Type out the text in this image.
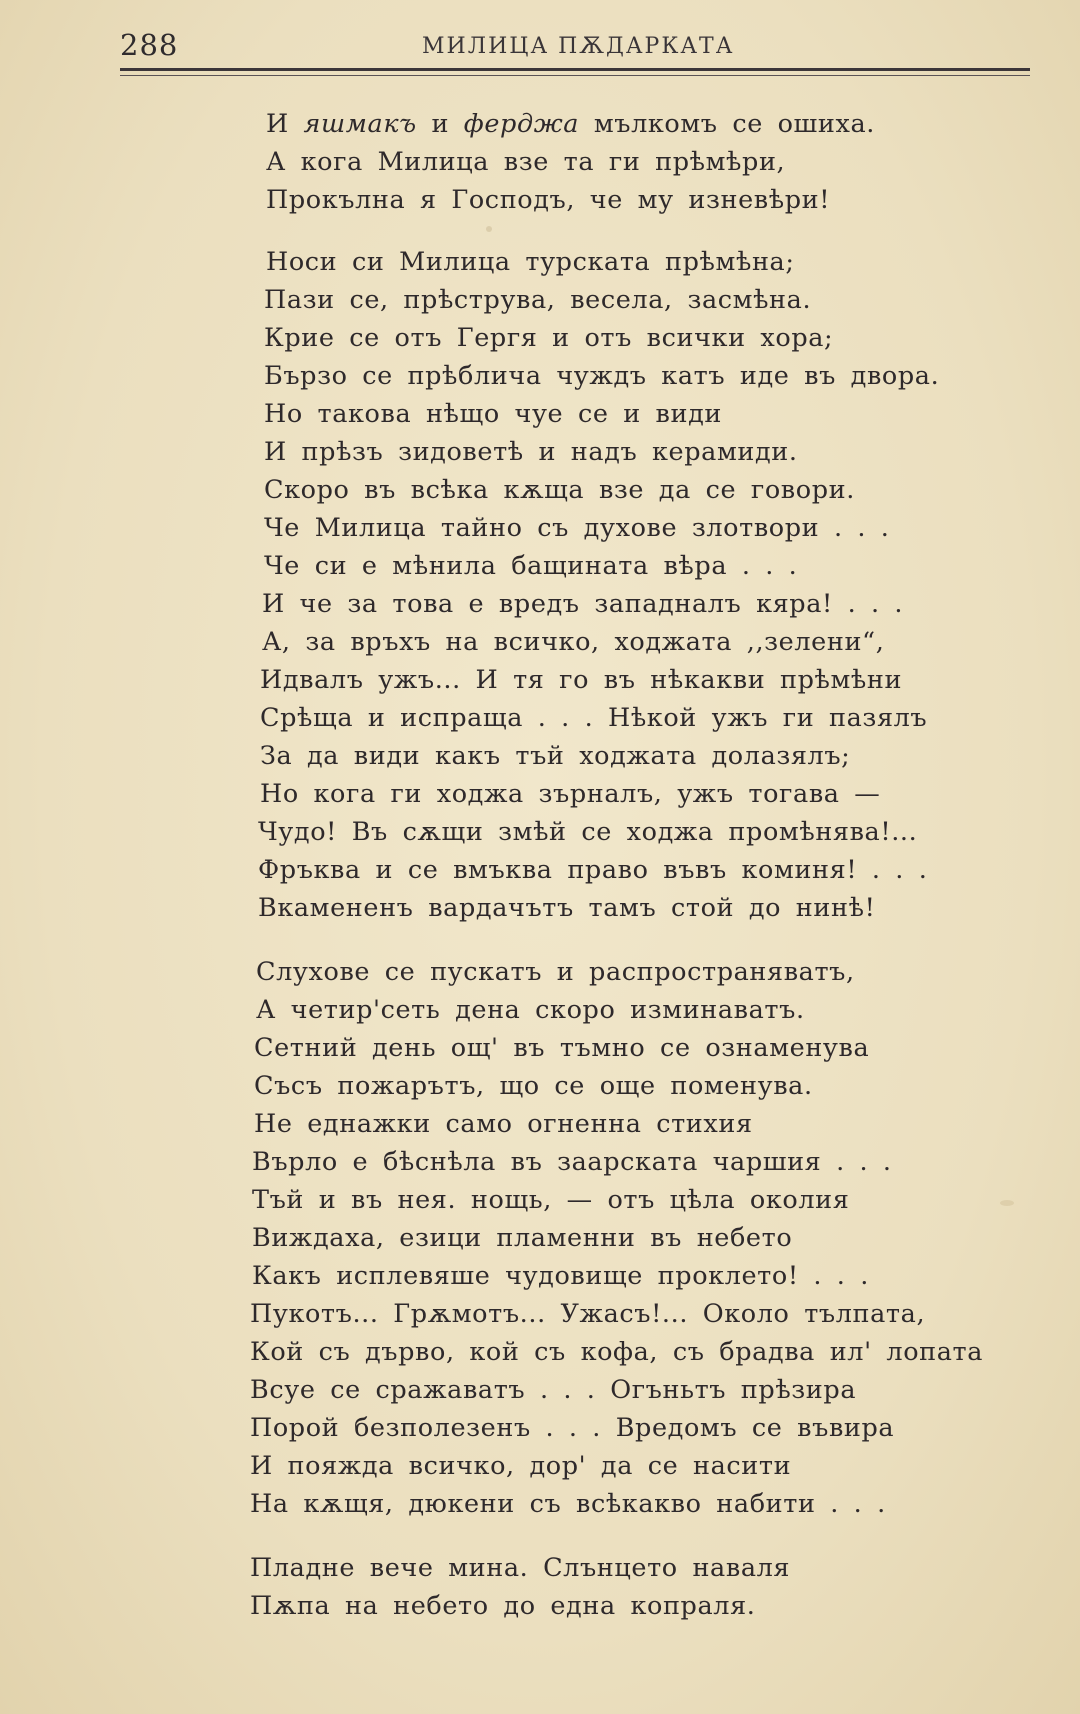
288	МИЛИЦА ПѪДАРКАТА
И яшмакъ и ферджа мълкомъ се ошиха.
А кога Милица взе та ги прѣмѣри,
Прокълна я Господъ, че му изневѣри!
Носи си Милица турската прѣмѣна;
Пази се, прѣструва, весела, засмѣна.
Крие се отъ Гергя и отъ всички хора;
Бързо се прѣблича чуждъ катъ иде въ двора.
Но такова нѣщо чуе се и види
И прѣзъ зидоветѣ и надъ керамиди.
Скоро въ всѣка кѫща взе да се говори.
Че Милица тайно съ духове злотвори . . .
Че си е мѣнила бащината вѣра . . .
И че за това е вредъ западналъ кяра! . . .
А, за връхъ на всичко, ходжата ,,зелени“,
Идвалъ ужъ... И тя го въ нѣкакви прѣмѣни
Срѣща и испраща . . . Нѣкой ужъ ги пазялъ
За да види какъ тъй ходжата долазялъ;
Но кога ги ходжа зърналъ, ужъ тогава —
Чудо! Въ сѫщи змѣй се ходжа промѣнява!...
Фръква и се вмъква право въвъ коминя! . . .
Вкамененъ вардачътъ тамъ стой до нинѣ!
Слухове се пускатъ и распространяватъ,
А четир'сеть дена скоро изминаватъ.
Сетний день ощ' въ тъмно се ознаменува
Съсъ пожарътъ, що се още поменува.
Не еднажки само огненна стихия
Върло е бѣснѣла въ заарската чаршия . . .
Тъй и въ нея. нощь, — отъ цѣла околия
Виждаха, езици пламенни въ небето
Какъ исплевяше чудовище проклето! . . .
Пукотъ... Грѫмотъ... Ужасъ!... Около тълпата,
Кой съ дърво, кой съ кофа, съ брадва ил' лопата
Всуе се сражаватъ . . . Огъньтъ прѣзира
Порой безполезенъ . . . Вредомъ се въвира
И пояжда всичко, дор' да се насити
На кѫщя, дюкени съ всѣкакво набити . . .
Пладне вече мина. Слънцето наваля
Пѫпа на небето до една копраля.
